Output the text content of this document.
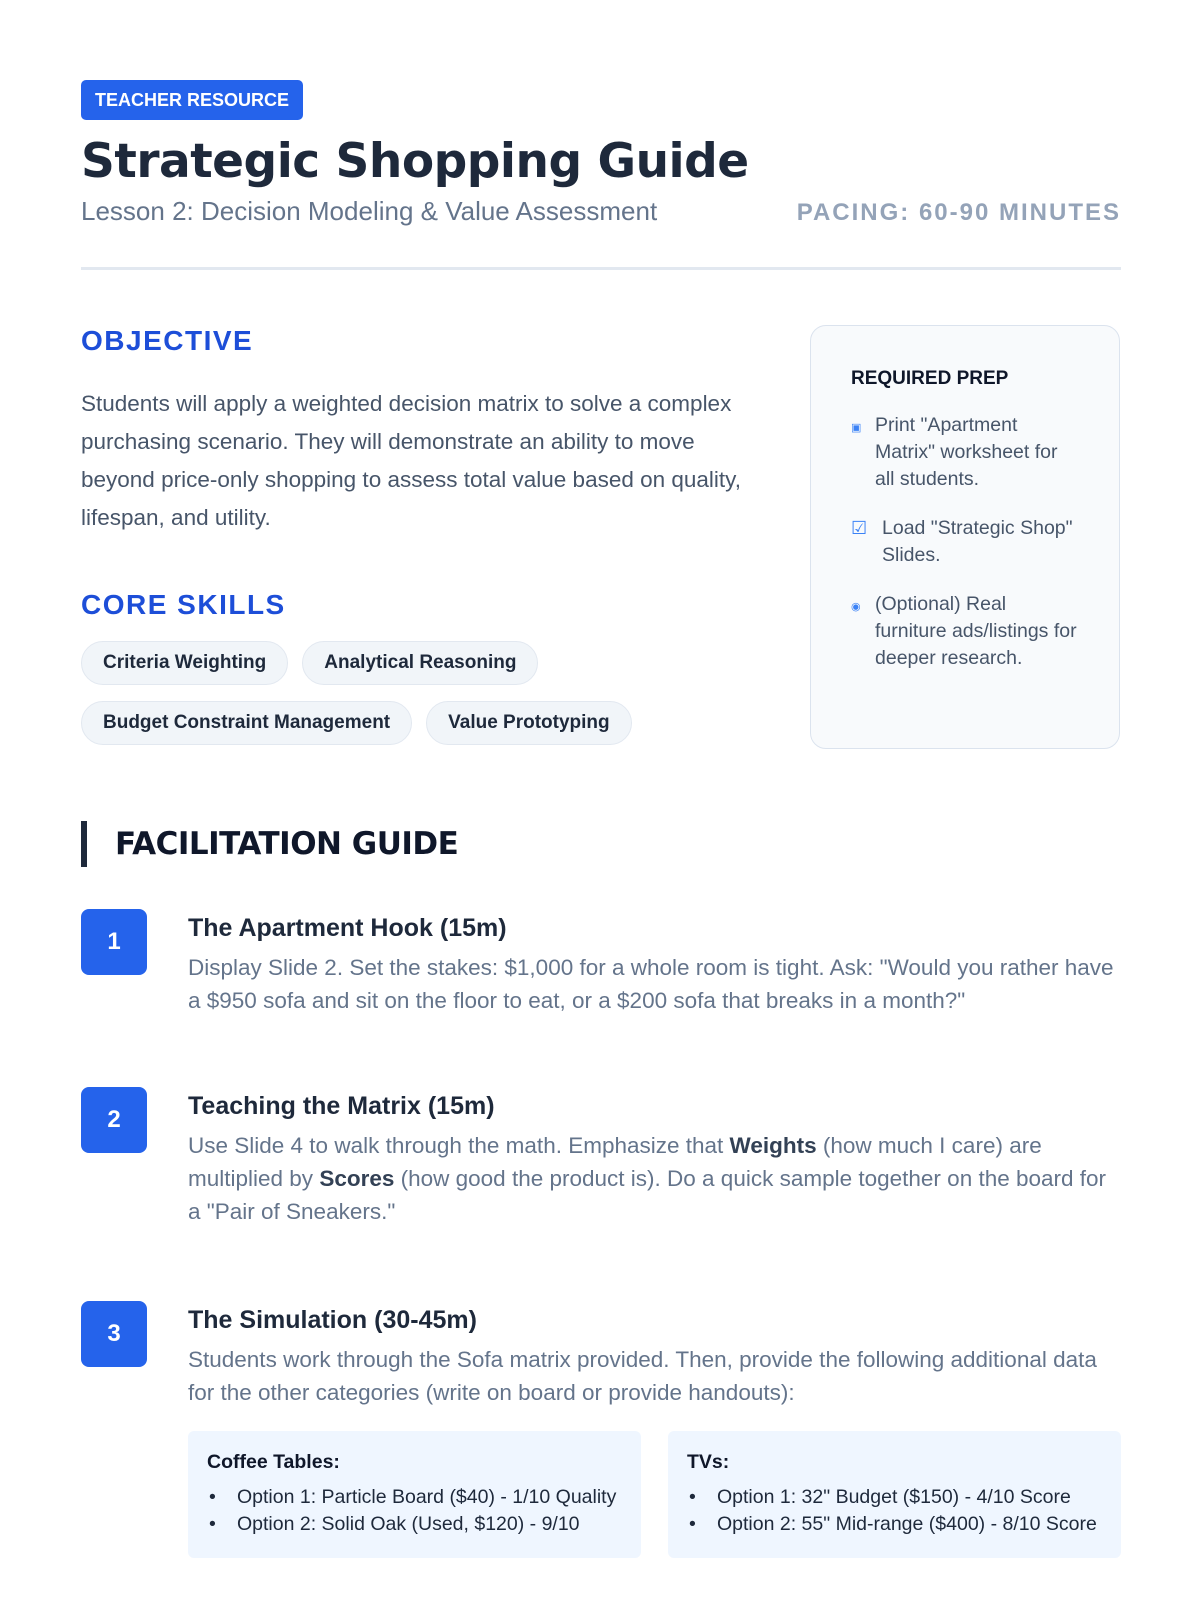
TEACHER RESOURCE
Strategic Shopping Guide
Lesson 2: Decision Modeling & Value Assessment	PACING: 60-90 MINUTES
OBJECTIVE
Students will apply a weighted decision matrix to solve a complex purchasing scenario. They will demonstrate an ability to move beyond price-only shopping to assess total value based on quality, lifespan, and utility.
CORE SKILLS
Criteria Weighting	Analytical Reasoning
Budget Constraint Management	Value Prototyping
REQUIRED PREP
▣ Print "Apartment Matrix" worksheet for all students.
☑ Load "Strategic Shop" Slides.
◉ (Optional) Real furniture ads/listings for deeper research.
FACILITATION GUIDE
1	The Apartment Hook (15m)
Display Slide 2. Set the stakes: $1,000 for a whole room is tight. Ask: "Would you rather have a $950 sofa and sit on the floor to eat, or a $200 sofa that breaks in a month?"
2	Teaching the Matrix (15m)
Use Slide 4 to walk through the math. Emphasize that Weights (how much I care) are multiplied by Scores (how good the product is). Do a quick sample together on the board for a "Pair of Sneakers."
3	The Simulation (30-45m)
Students work through the Sofa matrix provided. Then, provide the following additional data for the other categories (write on board or provide handouts):
Coffee Tables:
• Option 1: Particle Board ($40) - 1/10 Quality
• Option 2: Solid Oak (Used, $120) - 9/10
TVs:
• Option 1: 32" Budget ($150) - 4/10 Score
• Option 2: 55" Mid-range ($400) - 8/10 Score
